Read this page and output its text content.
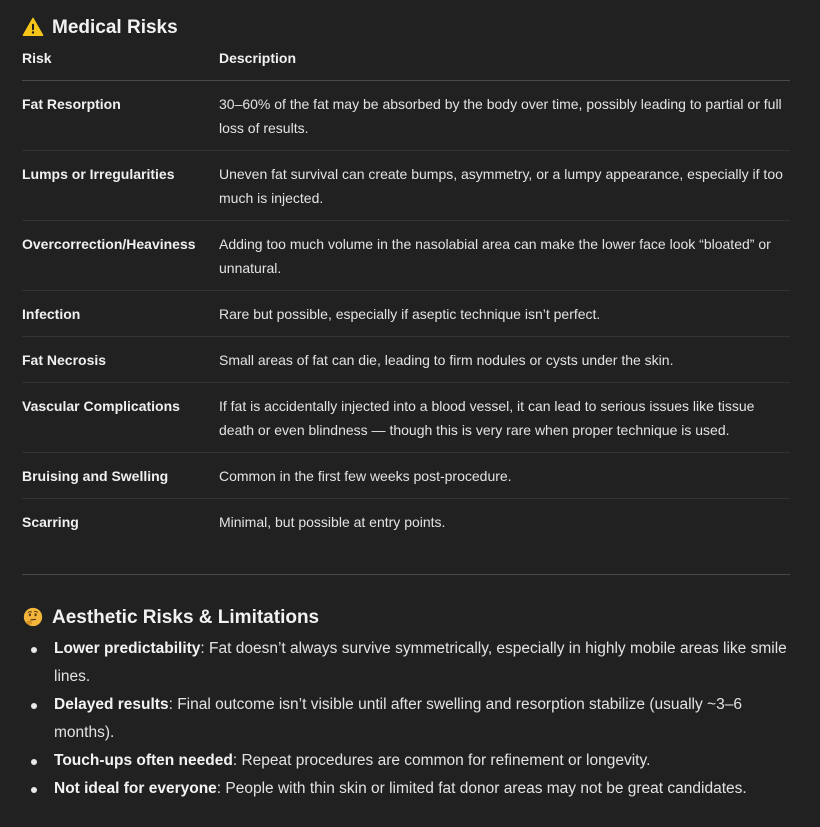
Medical Risks
Risk	Description
Fat Resorption	30–60% of the fat may be absorbed by the body over time, possibly leading to partial or full loss of results.
Lumps or Irregularities	Uneven fat survival can create bumps, asymmetry, or a lumpy appearance, especially if too much is injected.
Overcorrection/Heaviness	Adding too much volume in the nasolabial area can make the lower face look “bloated” or unnatural.
Infection	Rare but possible, especially if aseptic technique isn’t perfect.
Fat Necrosis	Small areas of fat can die, leading to firm nodules or cysts under the skin.
Vascular Complications	If fat is accidentally injected into a blood vessel, it can lead to serious issues like tissue death or even blindness — though this is very rare when proper technique is used.
Bruising and Swelling	Common in the first few weeks post-procedure.
Scarring	Minimal, but possible at entry points.
Aesthetic Risks & Limitations
Lower predictability: Fat doesn’t always survive symmetrically, especially in highly mobile areas like smile lines.
Delayed results: Final outcome isn’t visible until after swelling and resorption stabilize (usually ~3–6 months).
Touch-ups often needed: Repeat procedures are common for refinement or longevity.
Not ideal for everyone: People with thin skin or limited fat donor areas may not be great candidates.
